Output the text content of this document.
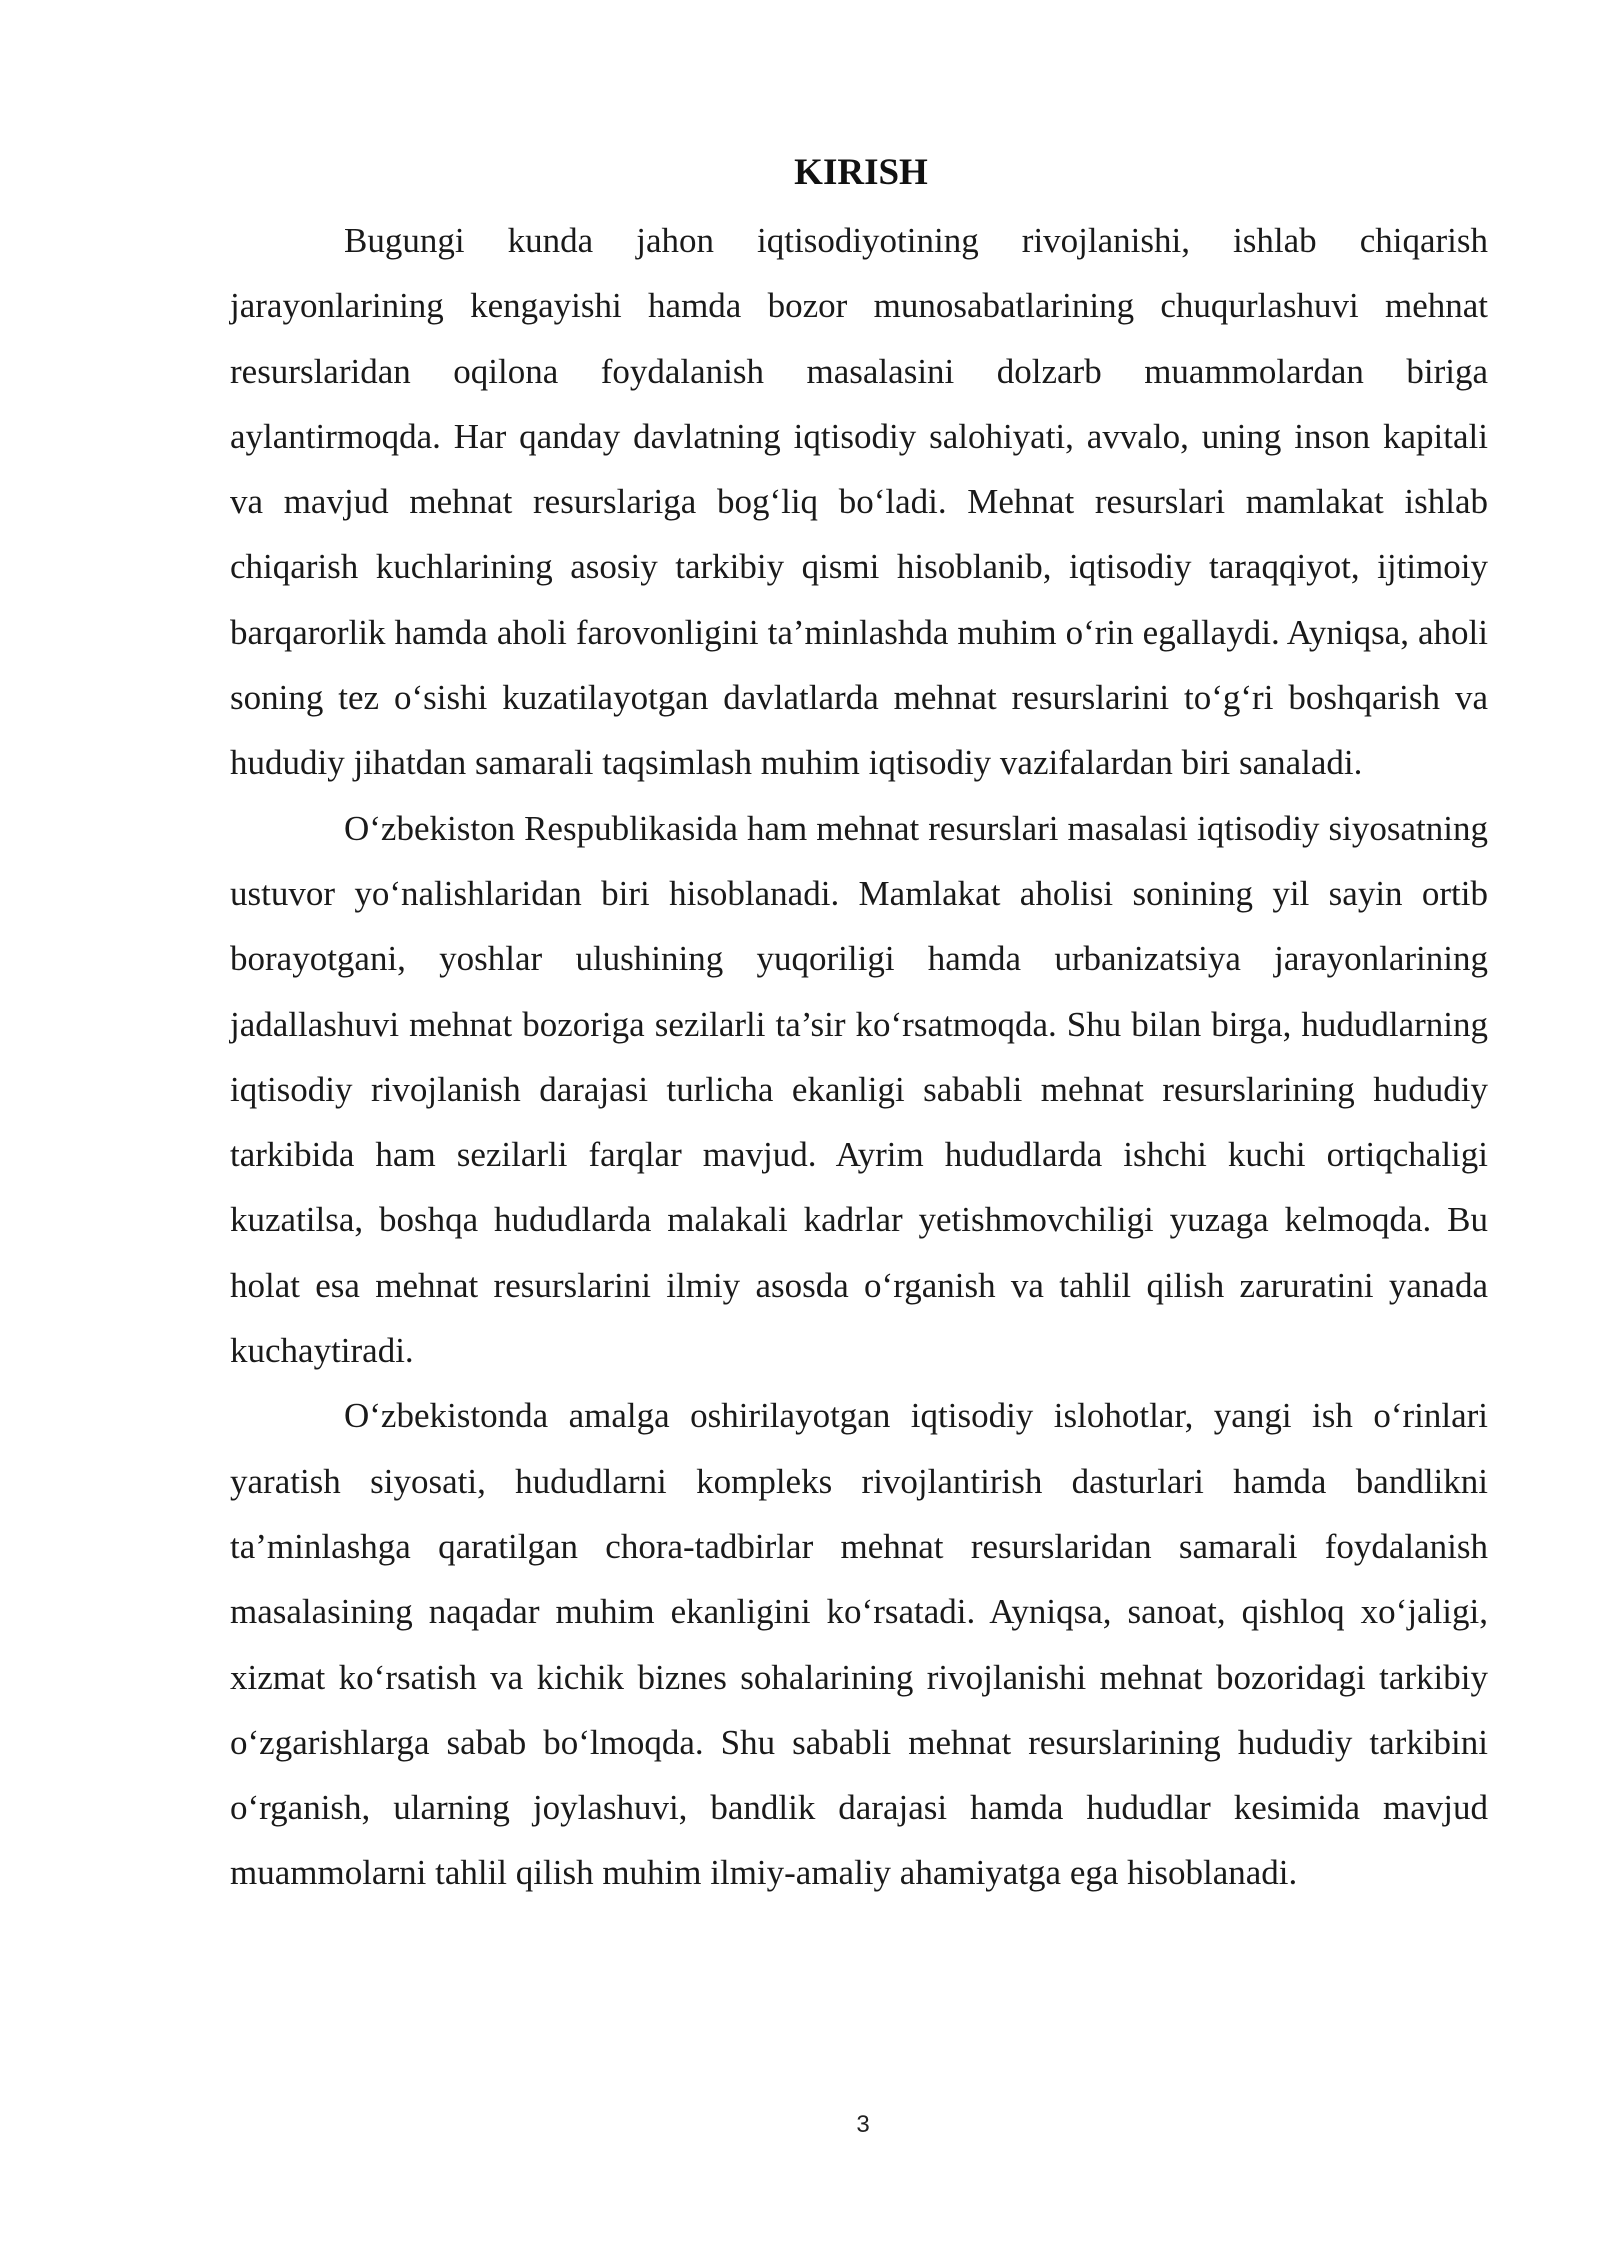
KIRISH

Bugungi kunda jahon iqtisodiyotining rivojlanishi, ishlab chiqarish jarayonlarining kengayishi hamda bozor munosabatlarining chuqurlashuvi mehnat resurslaridan oqilona foydalanish masalasini dolzarb muammolardan biriga aylantirmoqda. Har qanday davlatning iqtisodiy salohiyati, avvalo, uning inson kapitali va mavjud mehnat resurslariga bog‘liq bo‘ladi. Mehnat resurslari mamlakat ishlab chiqarish kuchlarining asosiy tarkibiy qismi hisoblanib, iqtisodiy taraqqiyot, ijtimoiy barqarorlik hamda aholi farovonligini ta’minlashda muhim o‘rin egallaydi. Ayniqsa, aholi soning tez o‘sishi kuzatilayotgan davlatlarda mehnat resurslarini to‘g‘ri boshqarish va hududiy jihatdan samarali taqsimlash muhim iqtisodiy vazifalardan biri sanaladi.

O‘zbekiston Respublikasida ham mehnat resurslari masalasi iqtisodiy siyosatning ustuvor yo‘nalishlaridan biri hisoblanadi. Mamlakat aholisi sonining yil sayin ortib borayotgani, yoshlar ulushining yuqoriligi hamda urbanizatsiya jarayonlarining jadallashuvi mehnat bozoriga sezilarli ta’sir ko‘rsatmoqda. Shu bilan birga, hududlarning iqtisodiy rivojlanish darajasi turlicha ekanligi sababli mehnat resurslarining hududiy tarkibida ham sezilarli farqlar mavjud. Ayrim hududlarda ishchi kuchi ortiqchaligi kuzatilsa, boshqa hududlarda malakali kadrlar yetishmovchiligi yuzaga kelmoqda. Bu holat esa mehnat resurslarini ilmiy asosda o‘rganish va tahlil qilish zaruratini yanada kuchaytiradi.

O‘zbekistonda amalga oshirilayotgan iqtisodiy islohotlar, yangi ish o‘rinlari yaratish siyosati, hududlarni kompleks rivojlantirish dasturlari hamda bandlikni ta’minlashga qaratilgan chora-tadbirlar mehnat resurslaridan samarali foydalanish masalasining naqadar muhim ekanligini ko‘rsatadi. Ayniqsa, sanoat, qishloq xo‘jaligi, xizmat ko‘rsatish va kichik biznes sohalarining rivojlanishi mehnat bozoridagi tarkibiy o‘zgarishlarga sabab bo‘lmoqda. Shu sababli mehnat resurslarining hududiy tarkibini o‘rganish, ularning joylashuvi, bandlik darajasi hamda hududlar kesimida mavjud muammolarni tahlil qilish muhim ilmiy-amaliy ahamiyatga ega hisoblanadi.

3
